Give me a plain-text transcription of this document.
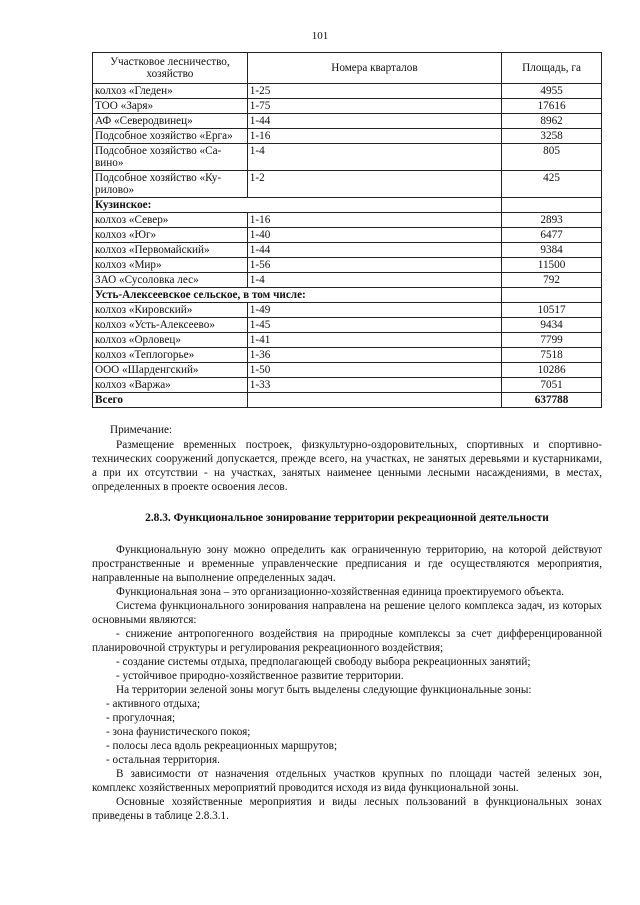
101
Участковое лесничество, хозяйство	Номера кварталов	Площадь, га
колхоз «Гледен»	1-25	4955
ТОО «Заря»	1-75	17616
АФ «Северодвинец»	1-44	8962
Подсобное хозяйство «Ерга»	1-16	3258
Подсобное хозяйство «Са-вино»	1-4	805
Подсобное хозяйство «Ку-рилово»	1-2	425
Кузинское:		
колхоз «Север»	1-16	2893
колхоз «Юг»	1-40	6477
колхоз «Первомайский»	1-44	9384
колхоз «Мир»	1-56	11500
ЗАО «Сусоловка лес»	1-4	792
Усть-Алексеевское сельское, в том числе:		
колхоз «Кировский»	1-49	10517
колхоз «Усть-Алексеево»	1-45	9434
колхоз «Орловец»	1-41	7799
колхоз «Теплогорье»	1-36	7518
ООО «Шарденгский»	1-50	10286
колхоз «Варжа»	1-33	7051
Всего		637788
Примечание:
Размещение временных построек, физкультурно-оздоровительных, спортивных и спортивно-технических сооружений допускается, прежде всего, на участках, не занятых деревьями и кустарниками, а при их отсутствии - на участках, занятых наименее ценными лесными насаждениями, в местах, определенных в проекте освоения лесов.
2.8.3. Функциональное зонирование территории рекреационной деятельности

Функциональную зону можно определить как ограниченную территорию, на которой действуют пространственные и временные управленческие предписания и где осуществляются мероприятия, направленные на выполнение определенных задач.

Функциональная зона – это организационно-хозяйственная единица проектируемого объекта.

Система функционального зонирования направлена на решение целого комплекса задач, из которых основными являются:

- снижение антропогенного воздействия на природные комплексы за счет дифференцированной планировочной структуры и регулирования рекреационного воздействия;

- создание системы отдыха, предполагающей свободу выбора рекреационных занятий;

- устойчивое природно-хозяйственное развитие территории.

На территории зеленой зоны могут быть выделены следующие функциональные зоны:

- активного отдыха;

- прогулочная;

- зона фаунистического покоя;

- полосы леса вдоль рекреационных маршрутов;

- остальная территория.

В зависимости от назначения отдельных участков крупных по площади частей зеленых зон, комплекс хозяйственных мероприятий проводится исходя из вида функциональной зоны.

Основные хозяйственные мероприятия и виды лесных пользований в функциональных зонах приведены в таблице 2.8.3.1.
